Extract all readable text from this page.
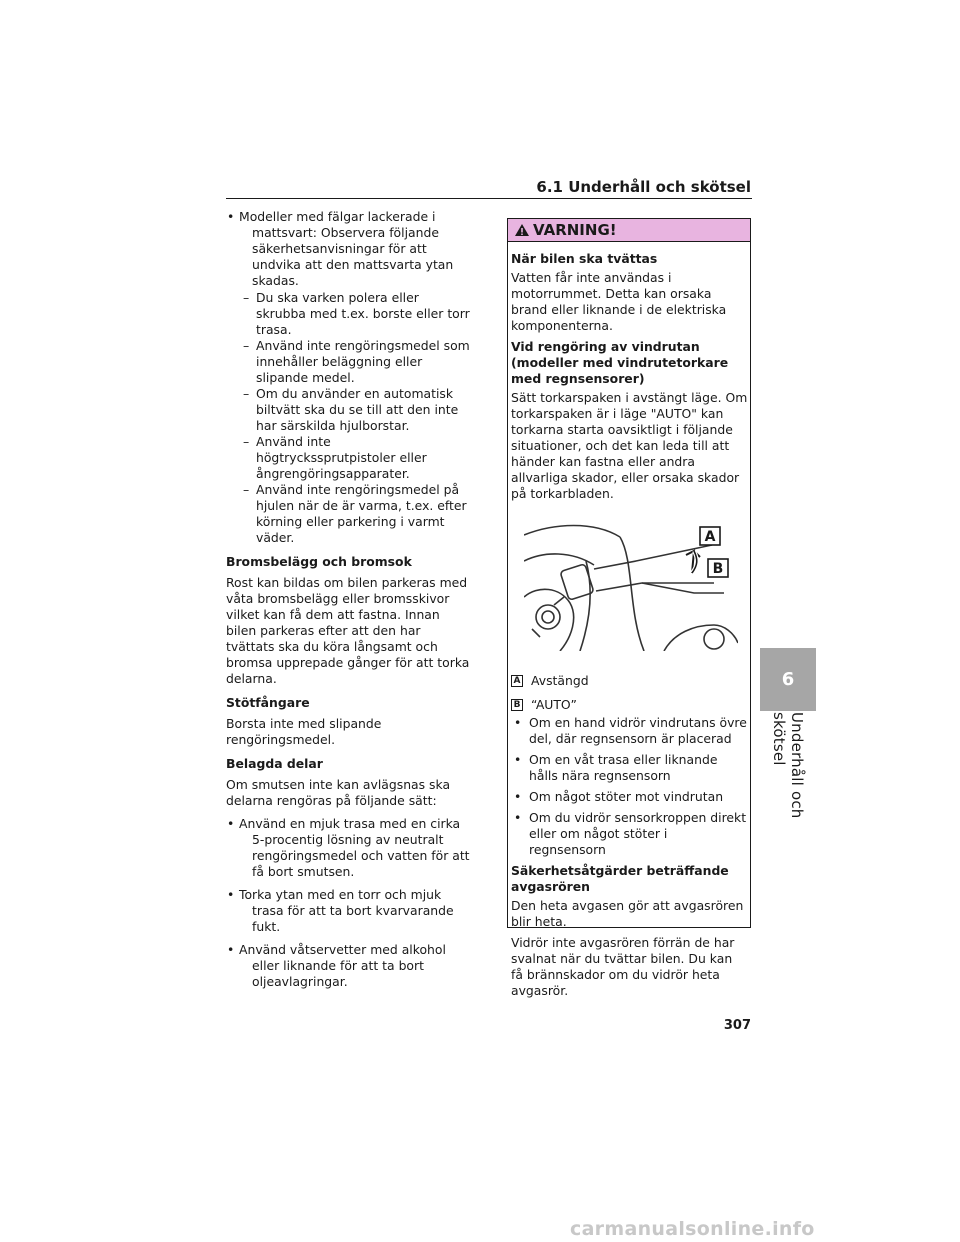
6.1 Underhåll och skötsel
• Modeller med fälgar lackerade i mattsvart: Observera följande säkerhetsanvisningar för att undvika att den mattsvarta ytan skadas.
– Du ska varken polera eller skrubba med t.ex. borste eller torr trasa.
– Använd inte rengöringsmedel som innehåller beläggning eller slipande medel.
– Om du använder en automatisk biltvätt ska du se till att den inte har särskilda hjulborstar.
– Använd inte högtryckssprutpistoler eller ångrengöringsapparater.
– Använd inte rengöringsmedel på hjulen när de är varma, t.ex. efter körning eller parkering i varmt väder.
Bromsbelägg och bromsok

Rost kan bildas om bilen parkeras med våta bromsbelägg eller bromsskivor vilket kan få dem att fastna. Innan bilen parkeras efter att den har tvättats ska du köra långsamt och bromsa upprepade gånger för att torka delarna.

Stötfångare

Borsta inte med slipande rengöringsmedel.

Belagda delar

Om smutsen inte kan avlägsnas ska delarna rengöras på följande sätt:

• Använd en mjuk trasa med en cirka 5-procentig lösning av neutralt rengöringsmedel och vatten för att få bort smutsen.
• Torka ytan med en torr och mjuk trasa för att ta bort kvarvarande fukt.
• Använd våtservetter med alkohol eller liknande för att ta bort oljeavlagringar.
VARNING!
När bilen ska tvättas

Vatten får inte användas i motorrummet. Detta kan orsaka brand eller liknande i de elektriska komponenterna.

Vid rengöring av vindrutan (modeller med vindrutetorkare med regnsensorer)

Sätt torkarspaken i avstängt läge. Om torkarspaken är i läge "AUTO" kan torkarna starta oavsiktligt i följande situationer, och det kan leda till att händer kan fastna eller andra allvarliga skador, eller orsaka skador på torkarbladen.

A
B
A Avstängd
B “AUTO”
• Om en hand vidrör vindrutans övre del, där regnsensorn är placerad
• Om en våt trasa eller liknande hålls nära regnsensorn
• Om något stöter mot vindrutan
• Om du vidrör sensorkroppen direkt eller om något stöter i regnsensorn
Säkerhetsåtgärder beträffande avgasrören

Den heta avgasen gör att avgasrören blir heta.

Vidrör inte avgasrören förrän de har svalnat när du tvättar bilen. Du kan få brännskador om du vidrör heta avgasrör.

6
Underhåll och skötsel
307
carmanualsonline.info
